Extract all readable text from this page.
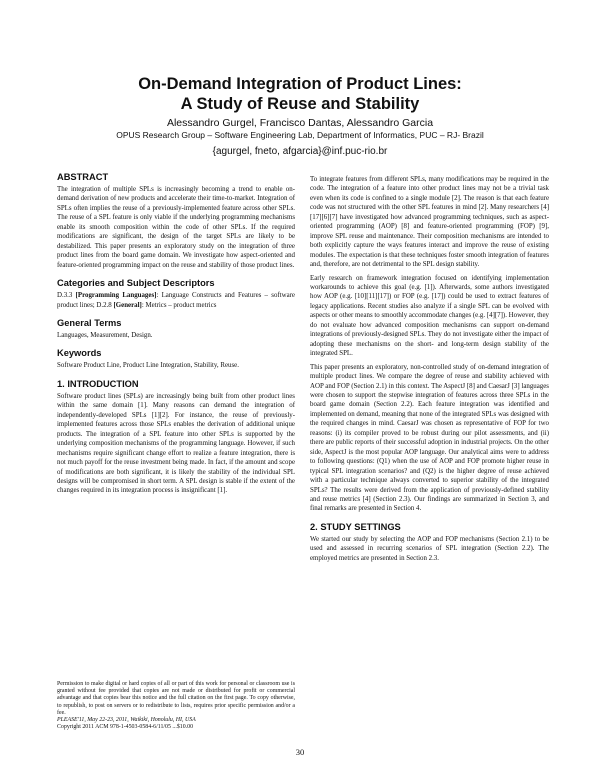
On-Demand Integration of Product Lines:
A Study of Reuse and Stability
Alessandro Gurgel, Francisco Dantas, Alessandro Garcia
OPUS Research Group – Software Engineering Lab, Department of Informatics, PUC – RJ- Brazil
{agurgel, fneto, afgarcia}@inf.puc-rio.br
ABSTRACT

The integration of multiple SPLs is increasingly becoming a trend to enable on-demand derivation of new products and accelerate their time-to-market. Integration of SPLs often implies the reuse of a previously-implemented feature across other SPLs. The reuse of a SPL feature is only viable if the underlying programming mechanisms enable its smooth composition within the code of other SPLs. If the required modifications are significant, the design of the target SPLs are likely to be destabilized. This paper presents an exploratory study on the integration of three product lines from the board game domain. We investigate how aspect-oriented and feature-oriented programming impact on the reuse and stability of those product lines.

Categories and Subject Descriptors

D.3.3 [Programming Languages]: Language Constructs and Features – software product lines; D.2.8 [General]: Metrics – product metrics

General Terms

Languages, Measurement, Design.

Keywords

Software Product Line, Product Line Integration, Stability, Reuse.

1. INTRODUCTION

Software product lines (SPLs) are increasingly being built from other product lines within the same domain [1]. Many reasons can demand the integration of independently-developed SPLs [1][2]. For instance, the reuse of previously-implemented features across those SPLs enables the derivation of additional unique products. The integration of a SPL feature into other SPLs is supported by the underlying composition mechanisms of the programming language. However, if such mechanisms require significant change effort to realize a feature integration, there is not much payoff for the reuse investment being made. In fact, if the amount and scope of modifications are both significant, it is likely the stability of the individual SPL designs will be compromised in short term. A SPL design is stable if the extent of the changes required in its integration process is insignificant [1].

Permission to make digital or hard copies of all or part of this work for personal or classroom use is granted without fee provided that copies are not made or distributed for profit or commercial advantage and that copies bear this notice and the full citation on the first page. To copy otherwise, to republish, to post on servers or to redistribute to lists, requires prior specific permission and/or a fee.

PLEASE'11, May 22-23, 2011, Waikiki, Honolulu, HI, USA

Copyright 2011 ACM 978-1-4503-0584-6/11/05 ...$10.00

To integrate features from different SPLs, many modifications may be required in the code. The integration of a feature into other product lines may not be a trivial task even when its code is confined to a single module [2]. The reason is that each feature code was not structured with the other SPL features in mind [2]. Many researchers [4][17][6][7] have investigated how advanced programming techniques, such as aspect-oriented programming (AOP) [8] and feature-oriented programming (FOP) [9], improve SPL reuse and maintenance. Their composition mechanisms are intended to both explicitly capture the ways features interact and improve the reuse of existing modules. The expectation is that these techniques foster smooth integration of features and, therefore, are not detrimental to the SPL design stability.

Early research on framework integration focused on identifying implementation workarounds to achieve this goal (e.g. [1]). Afterwards, some authors investigated how AOP (e.g. [10][11][17]) or FOP (e.g. [17]) could be used to extract features of legacy applications. Recent studies also analyze if a single SPL can be evolved with aspects or other means to smoothly accommodate changes (e.g. [4][7]). However, they do not evaluate how advanced composition mechanisms can support on-demand integrations of previously-designed SPLs. They do not investigate either the impact of adopting these mechanisms on the short- and long-term design stability of the integrated SPL.

This paper presents an exploratory, non-controlled study of on-demand integration of multiple product lines. We compare the degree of reuse and stability achieved with AOP and FOP (Section 2.1) in this context. The AspectJ [8] and CaesarJ [3] languages were chosen to support the stepwise integration of features across three SPLs in the board game domain (Section 2.2). Each feature integration was identified and implemented on demand, meaning that none of the integrated SPLs was designed with the required changes in mind. CaesarJ was chosen as representative of FOP for two reasons: (i) its compiler proved to be robust during our pilot assessments, and (ii) there are public reports of their successful adoption in industrial projects. On the other side, AspectJ is the most popular AOP language. Our analytical aims were to address to following questions: (Q1) when the use of AOP and FOP promote higher reuse in typical SPL integration scenarios? and (Q2) is the higher degree of reuse achieved with a particular technique always converted to superior stability of the integrated SPLs? The results were derived from the application of previously-defined stability and reuse metrics [4] (Section 2.3). Our findings are summarized in Section 3, and final remarks are presented in Section 4.

2. STUDY SETTINGS

We started our study by selecting the AOP and FOP mechanisms (Section 2.1) to be used and assessed in recurring scenarios of SPL integration (Section 2.2). The employed metrics are presented in Section 2.3.

30
